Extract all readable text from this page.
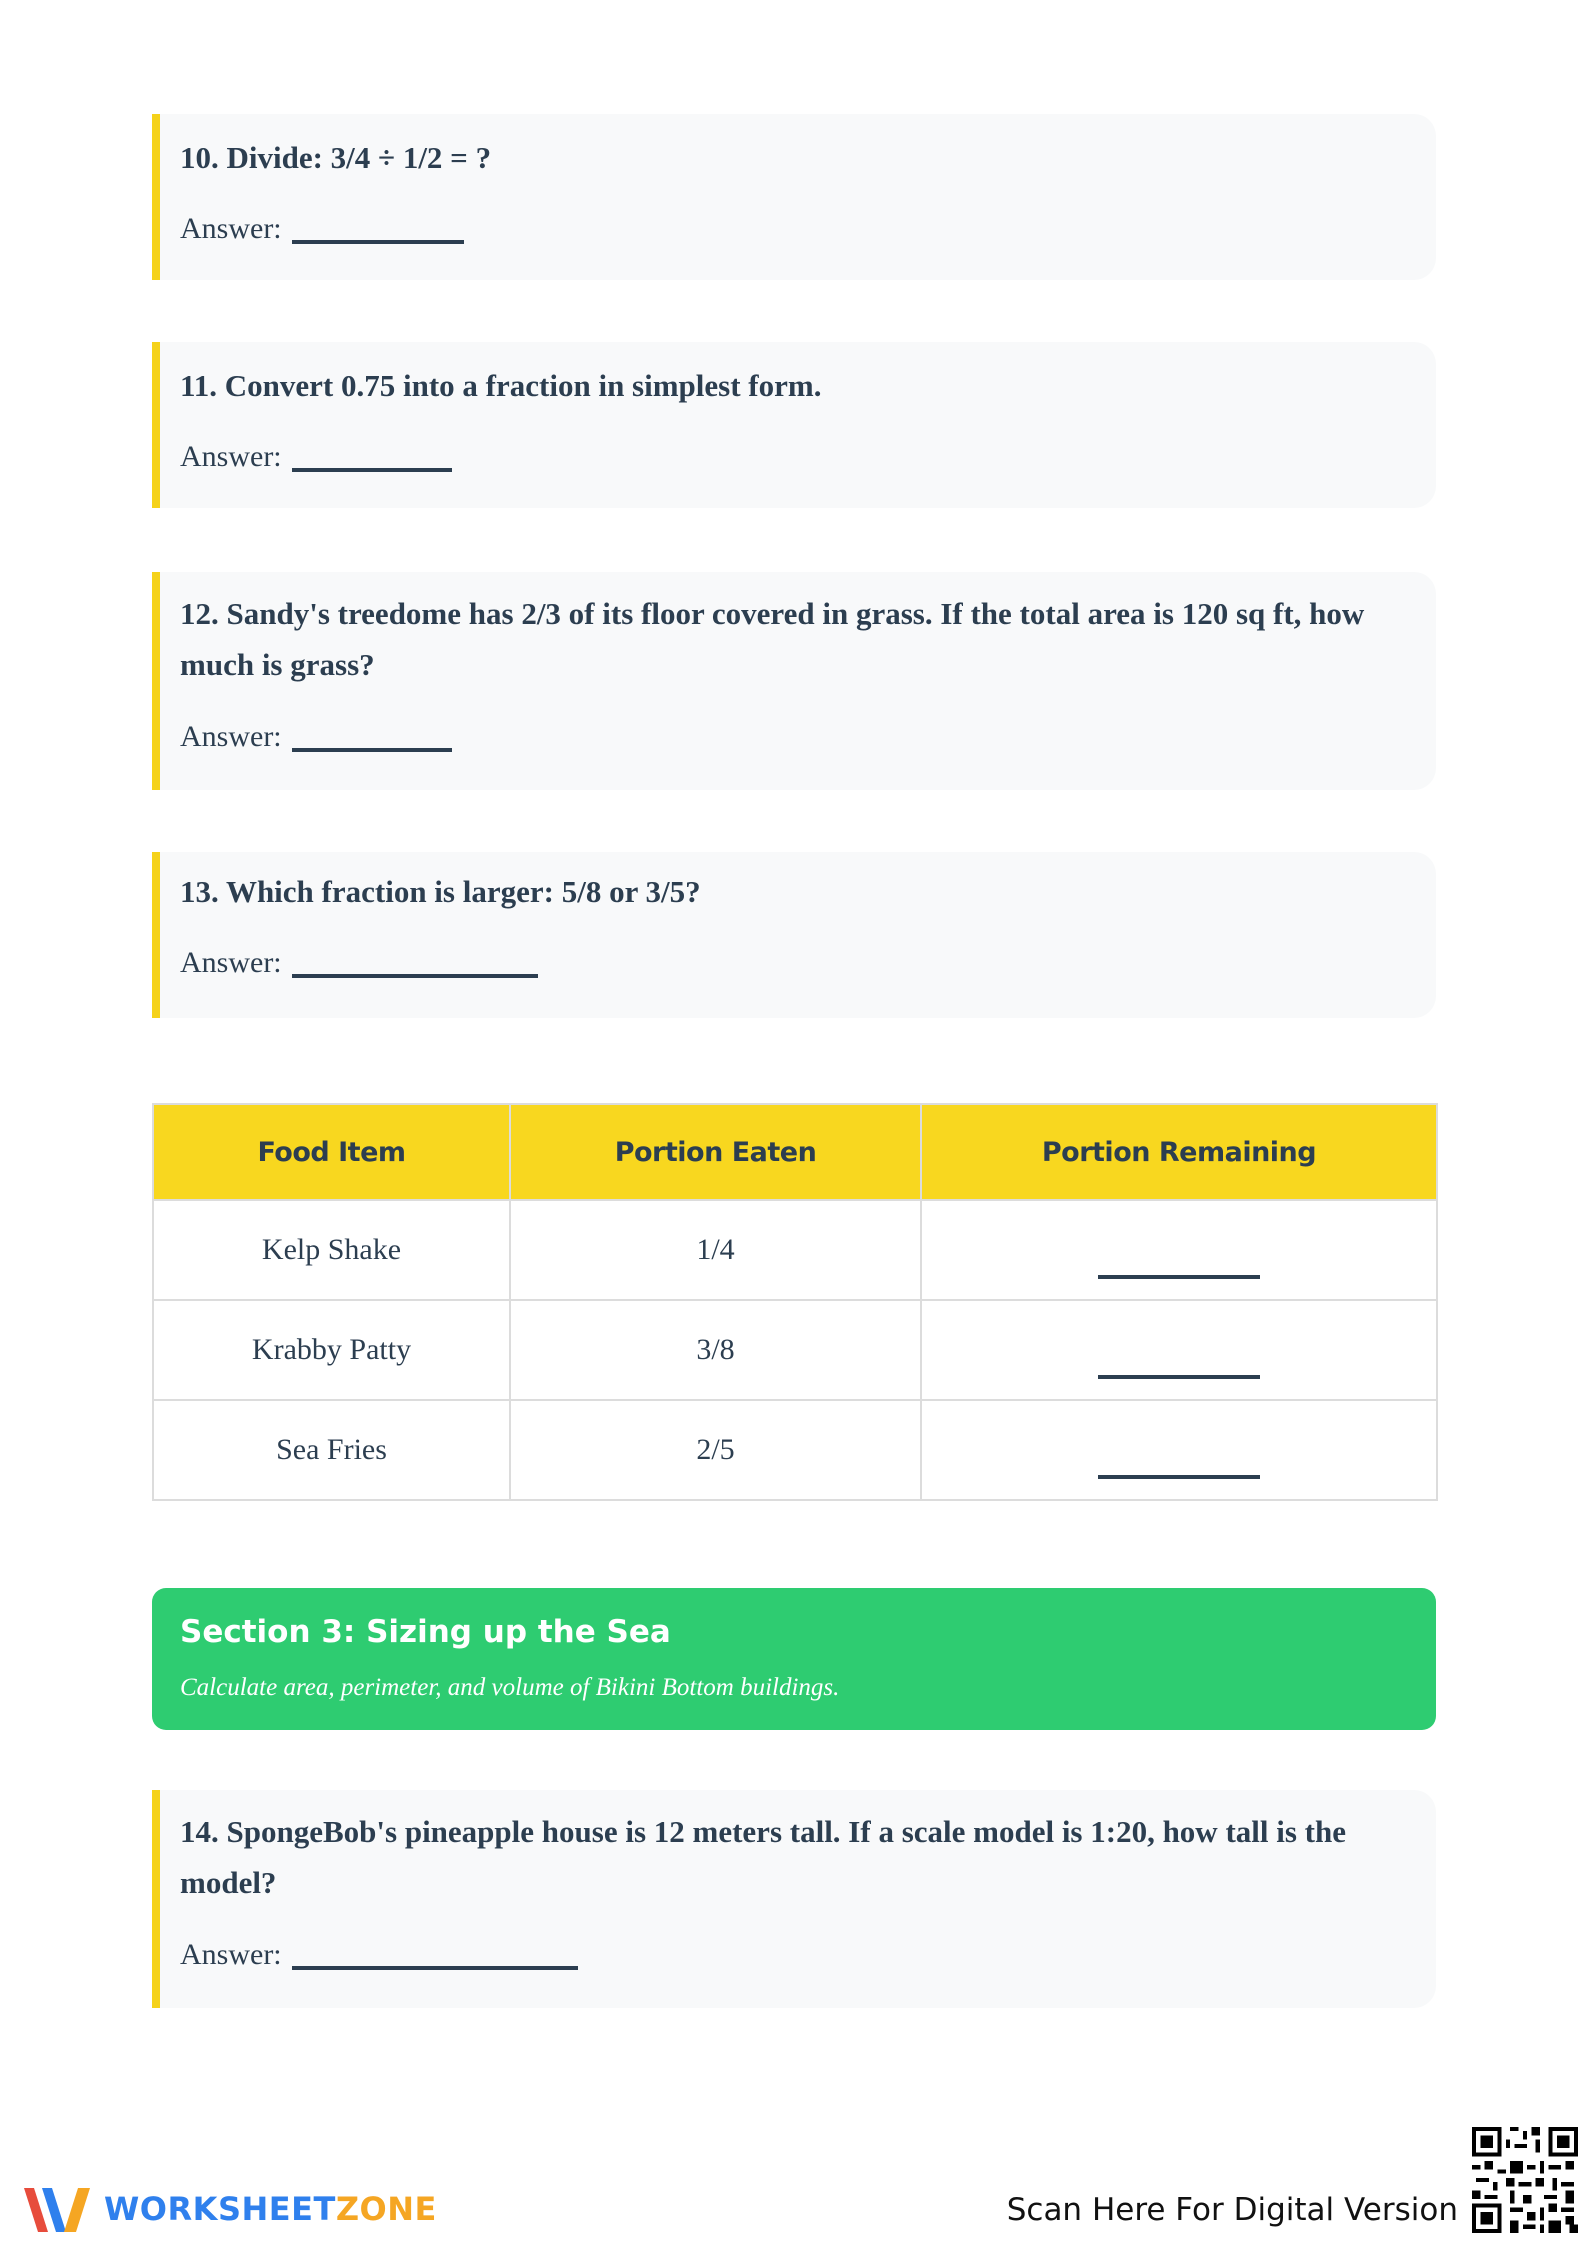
10. Divide: 3/4 ÷ 1/2 = ?

Answer:

11. Convert 0.75 into a fraction in simplest form.

Answer:

12. Sandy's treedome has 2/3 of its floor covered in grass. If the total area is 120 sq ft, how much is grass?

Answer:

13. Which fraction is larger: 5/8 or 3/5?

Answer:
Food Item	Portion Eaten	Portion Remaining
Kelp Shake	1/4	

Krabby Patty	3/8	

Sea Fries	2/5	
Section 3: Sizing up the Sea
Calculate area, perimeter, and volume of Bikini Bottom buildings.

14. SpongeBob's pineapple house is 12 meters tall. If a scale model is 1:20, how tall is the model?

Answer:
WORKSHEETZONE	Scan Here For Digital Version
